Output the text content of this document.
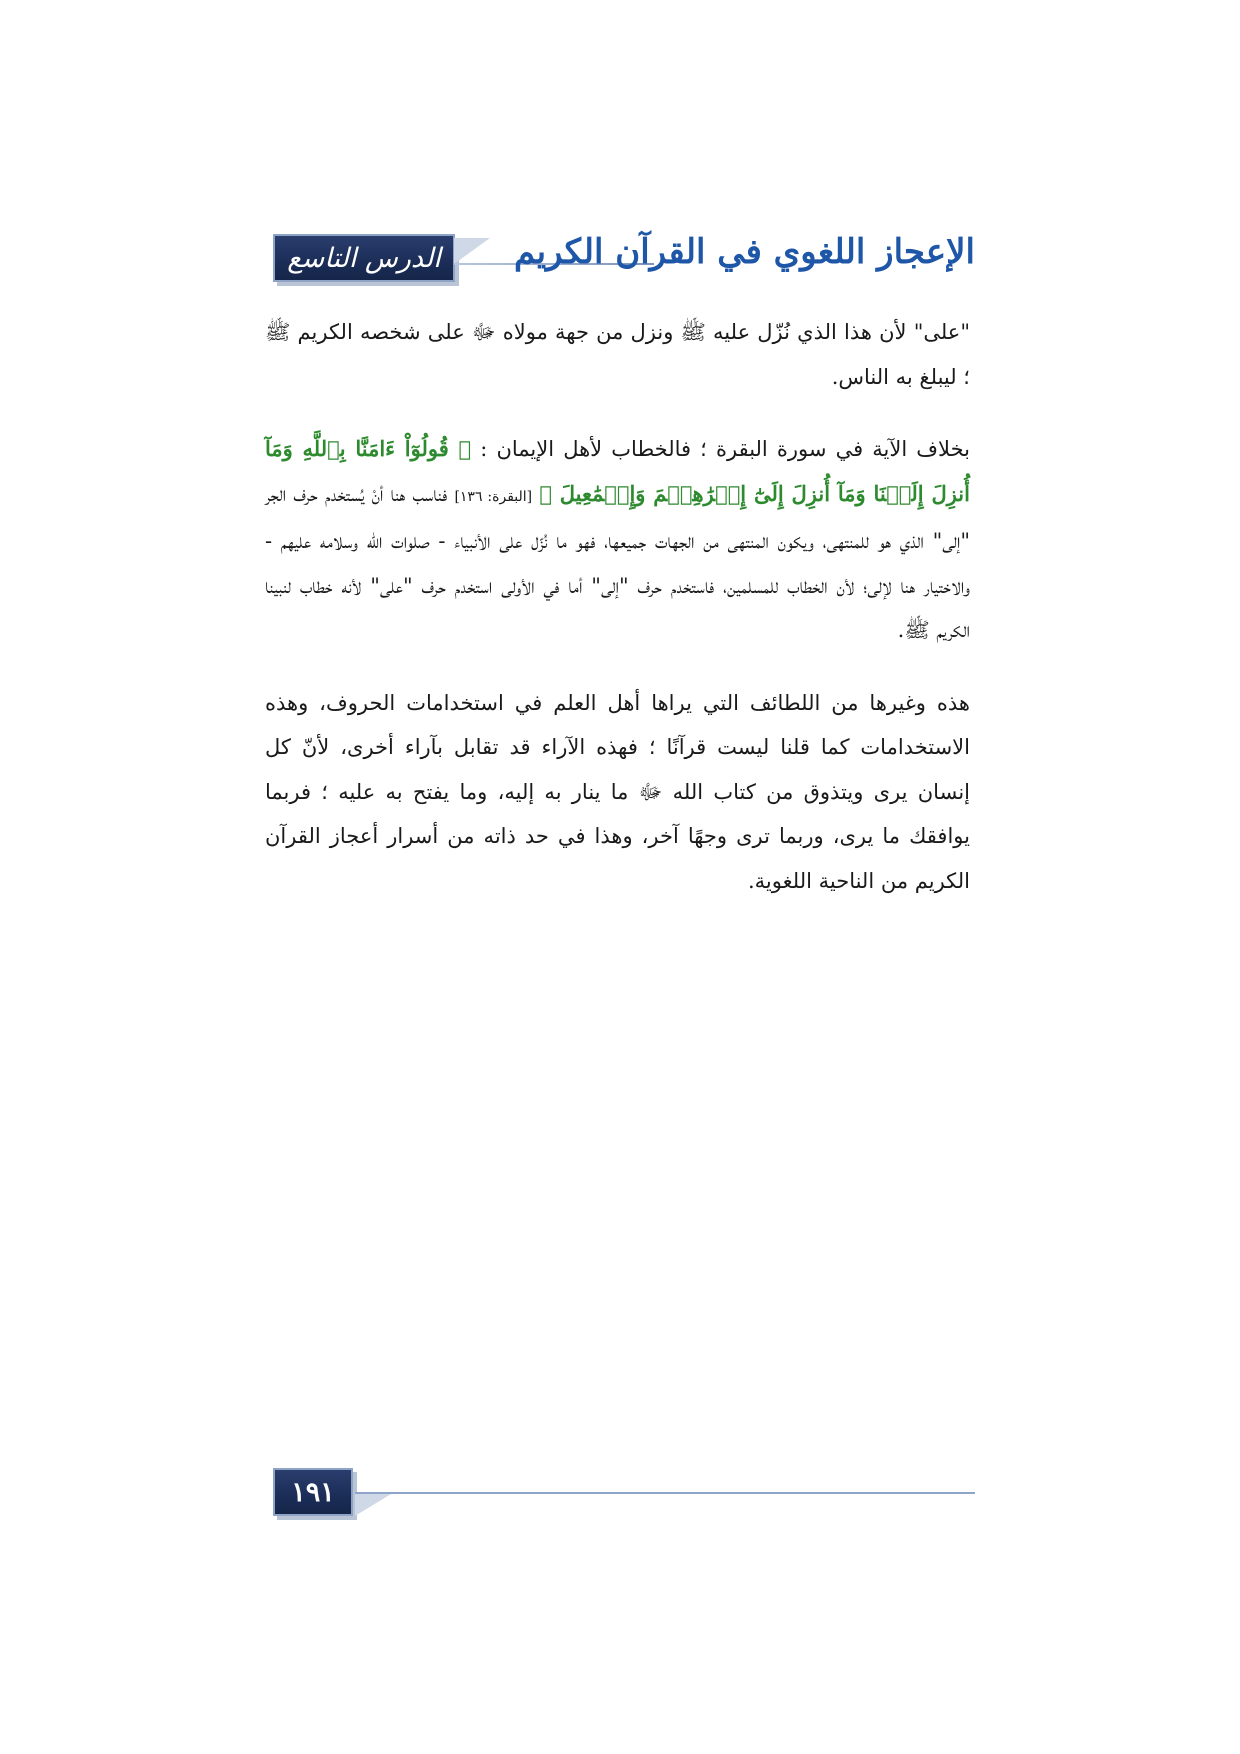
الدرس التاسع الإعجاز اللغوي في القرآن الكريم

"على" لأن هذا الذي نُزّل عليه ﷺ ونزل من جهة مولاه ﷻ على شخصه الكريم ﷺ ؛ ليبلغ به الناس.

بخلاف الآية في سورة البقرة ؛ فالخطاب لأهل الإيمان : ﴿ قُولُوٓاْ ءَامَنَّا بِٱللَّهِ وَمَآ أُنزِلَ إِلَيۡنَا وَمَآ أُنزِلَ إِلَىٰٓ إِبۡرَٰهِـۧمَ وَإِسۡمَٰعِيلَ ﴾ [البقرة: ١٣٦] فناسب هنا أنْ يُستخدم حرف الجر "إلى" الذي هو للمنتهى، ويكون المنتهى من الجهات جميعها، فهو ما نُزّل على الأنبياء - صلوات الله وسلامه عليهم - والاختيار هنا لإلى؛ لأن الخطاب للمسلمين، فاستخدم حرف "إلى" أما في الأولى استخدم حرف "على" لأنه خطاب لنبينا الكريم ﷺ.

هذه وغيرها من اللطائف التي يراها أهل العلم في استخدامات الحروف، وهذه الاستخدامات كما قلنا ليست قرآنًا ؛ فهذه الآراء قد تقابل بآراء أخرى، لأنّ كل إنسان يرى ويتذوق من كتاب الله ﷻ ما ينار به إليه، وما يفتح به عليه ؛ فربما يوافقك ما يرى، وربما ترى وجهًا آخر، وهذا في حد ذاته من أسرار أعجاز القرآن الكريم من الناحية اللغوية.

١٩١
